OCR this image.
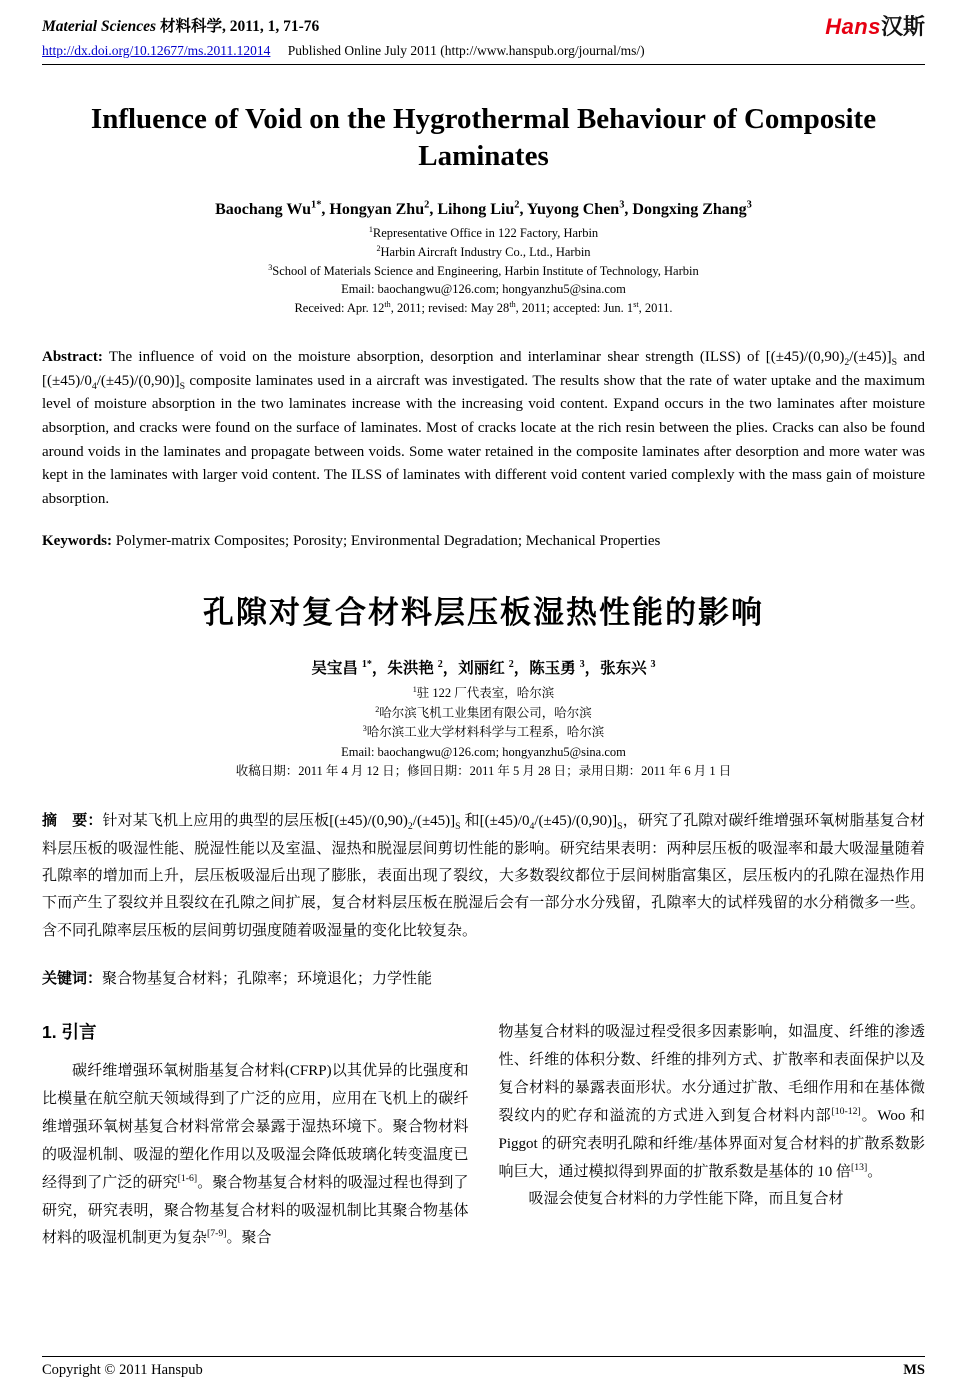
Material Sciences 材料科学, 2011, 1, 71-76	Hans汉斯
http://dx.doi.org/10.12677/ms.2011.12014 Published Online July 2011 (http://www.hanspub.org/journal/ms/)
Influence of Void on the Hygrothermal Behaviour of Composite Laminates

Baochang $Wu^{1*}$, Hongyan Zhu$^2$, Lihong Liu$^2$, Yuyong Chen$^3$, Dongxing Zhang$^3$

$^1$Representative Office in 122 Factory, Harbin
$^2$Harbin Aircraft Industry Co., Ltd., Harbin
$^3$School of Materials Science and Engineering, Harbin Institute of Technology, Harbin
Email: baochangwu@126.com; hongyanzhu5@sina.com
Received: Apr. 12th, 2011; revised: May 28th, 2011; accepted: Jun. 1st, 2011.

Abstract: The influence of void on the moisture absorption, desorption and interlaminar shear strength (ILSS) of $[(\pm 45)/(0,90)_2/(\pm 45)]_S$ and $[(\pm 45)/0_4/(\pm 45)/(0,90)]_S$ composite laminates used in a aircraft was investigated. The results show that the rate of water uptake and the maximum level of moisture absorption in the two laminates increase with the increasing void content. Expand occurs in the two laminates after moisture absorption, and cracks were found on the surface of laminates. Most of cracks locate at the rich resin between the plies. Cracks can also be found around voids in the laminates and propagate between voids. Some water retained in the composite laminates after desorption and more water was kept in the laminates with larger void content. The ILSS of laminates with different void content varied complexly with the mass gain of moisture absorption.

Keywords: Polymer-matrix Composites; Porosity; Environmental Degradation; Mechanical Properties

孔隙对复合材料层压板湿热性能的影响

吴宝昌 $^{1*}$，朱洪艳 $^2$，刘丽红 $^2$，陈玉勇 $^3$，张东兴 $^3$

$^1$驻 122 厂代表室，哈尔滨
$^2$哈尔滨飞机工业集团有限公司，哈尔滨
$^3$哈尔滨工业大学材料科学与工程系，哈尔滨
Email: baochangwu@126.com; hongyanzhu5@sina.com
收稿日期：2011 年 4 月 12 日；修回日期：2011 年 5 月 28 日；录用日期：2011 年 6 月 1 日

摘　要：针对某飞机上应用的典型的层压板$[(\pm 45)/(0,90)_2/(\pm 45)]_S$ 和$[(\pm 45)/0_4/(\pm 45)/(0,90)]_S$，研究了孔隙对碳纤维增强环氧树脂基复合材料层压板的吸湿性能、脱湿性能以及室温、湿热和脱湿层间剪切性能的影响。研究结果表明：两种层压板的吸湿率和最大吸湿量随着孔隙率的增加而上升，层压板吸湿后出现了膨胀，表面出现了裂纹，大多数裂纹都位于层间树脂富集区，层压板内的孔隙在湿热作用下而产生了裂纹并且裂纹在孔隙之间扩展，复合材料层压板在脱湿后会有一部分水分残留，孔隙率大的试样残留的水分稍微多一些。含不同孔隙率层压板的层间剪切强度随着吸湿量的变化比较复杂。

关键词：聚合物基复合材料；孔隙率；环境退化；力学性能

1. 引言

碳纤维增强环氧树脂基复合材料(CFRP)以其优异的比强度和比模量在航空航天领域得到了广泛的应用，应用在飞机上的碳纤维增强环氧树基复合材料常常会暴露于湿热环境下。聚合物材料的吸湿机制、吸湿的塑化作用以及吸湿会降低玻璃化转变温度已经得到了广泛的研究[1-6]。聚合物基复合材料的吸湿过程也得到了研究，研究表明，聚合物基复合材料的吸湿机制比其聚合物基体材料的吸湿机制更为复杂[7-9]。聚合

物基复合材料的吸湿过程受很多因素影响，如温度、纤维的渗透性、纤维的体积分数、纤维的排列方式、扩散率和表面保护以及复合材料的暴露表面形状。水分通过扩散、毛细作用和在基体微裂纹内的贮存和溢流的方式进入到复合材料内部[10-12]。Woo 和 Piggot 的研究表明孔隙和纤维/基体界面对复合材料的扩散系数影响巨大，通过模拟得到界面的扩散系数是基体的 10 倍[13]。

吸湿会使复合材料的力学性能下降，而且复合材

Copyright © 2011 Hanspub	MS
